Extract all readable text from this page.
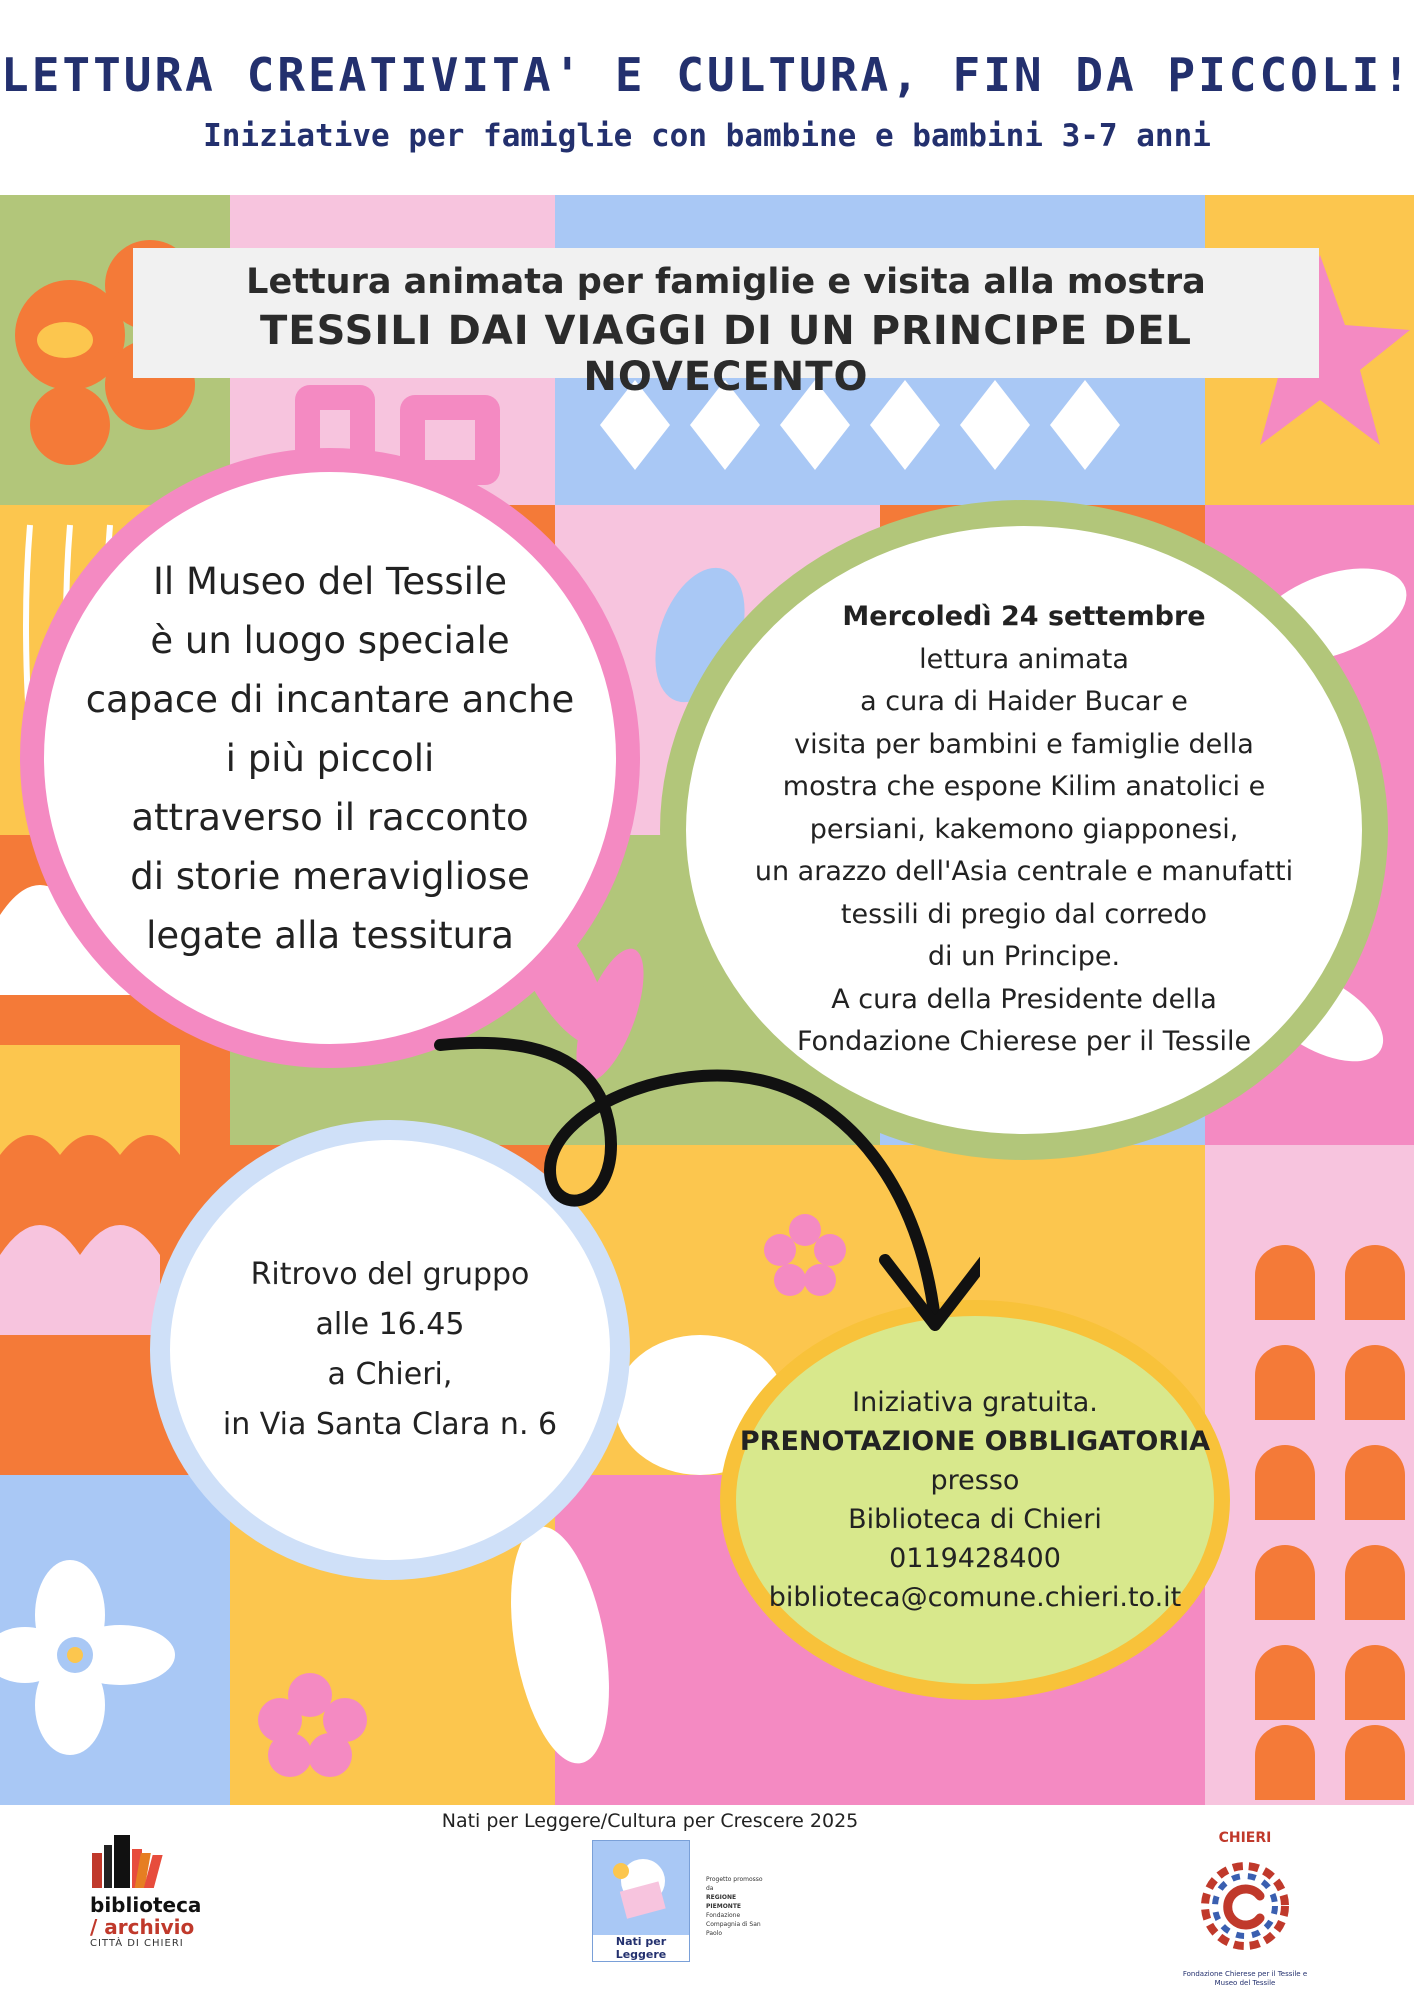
LETTURA CREATIVITA' E CULTURA, FIN DA PICCOLI!
Iniziative per famiglie con bambine e bambini 3-7 anni
Lettura animata per famiglie e visita alla mostra
TESSILI DAI VIAGGI DI UN PRINCIPE DEL NOVECENTO
Il Museo del Tessile
è un luogo speciale
capace di incantare anche
i più piccoli
attraverso il racconto
di storie meravigliose
legate alla tessitura
Mercoledì 24 settembre
lettura animata
a cura di Haider Bucar e
visita per bambini e famiglie della
mostra che espone Kilim anatolici e
persiani, kakemono giapponesi,
un arazzo dell'Asia centrale e manufatti
tessili di pregio dal corredo
di un Principe.
A cura della Presidente della
Fondazione Chierese per il Tessile
Ritrovo del gruppo
alle 16.45
a Chieri,
in Via Santa Clara n. 6
Iniziativa gratuita.
PRENOTAZIONE OBBLIGATORIA
presso
Biblioteca di Chieri
0119428400
biblioteca@comune.chieri.to.it
Nati per Leggere/Cultura per Crescere 2025
biblioteca
/ archivio
CITTÀ DI CHIERI	Nati per Leggere
Progetto promosso da
REGIONE PIEMONTE
Fondazione Compagnia di San Paolo
CHIERI
Fondazione Chierese per il Tessile e Museo del Tessile
